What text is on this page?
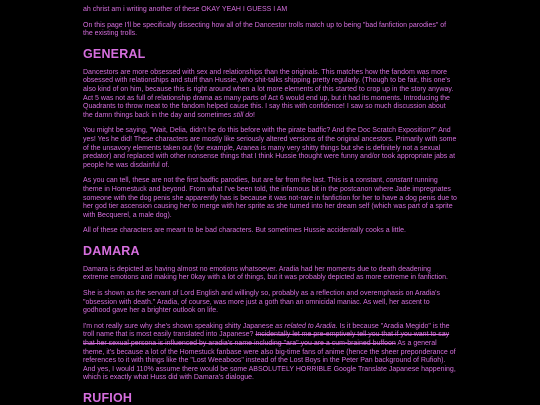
ah christ am i writing another of these OKAY YEAH I GUESS I AM

On this page I'll be specifically dissecting how all of the Dancestor trolls match up to being "bad fanfiction parodies" of the existing trolls.

GENERAL

Dancestors are more obsessed with sex and relationships than the originals. This matches how the fandom was more obsessed with relationships and stuff than Hussie, who shit-talks shipping pretty regularly. (Though to be fair, this one's also kind of on him, because this is right around when a lot more elements of this started to crop up in the story anyway. Act 5 was not as full of relationship drama as many parts of Act 6 would end up, but it had its moments. Introducing the Quadrants to throw meat to the fandom helped cause this. I say this with confidence! I saw so much discussion about the damn things back in the day and sometimes still do!

You might be saying, "Wait, Delia, didn't he do this before with the pirate badfic? And the Doc Scratch Exposition?" And yes! Yes he did! These characters are mostly like seriously altered versions of the original ancestors. Primarily with some of the unsavory elements taken out (for example, Aranea is many very shitty things but she is definitely not a sexual predator) and replaced with other nonsense things that I think Hussie thought were funny and/or took appropriate jabs at people he was disdainful of.

As you can tell, these are not the first badfic parodies, but are far from the last. This is a constant, constant running theme in Homestuck and beyond. From what I've been told, the infamous bit in the postcanon where Jade impregnates someone with the dog penis she apparently has is because it was not-rare in fanfiction for her to have a dog penis due to her god tier ascension causing her to merge with her sprite as she turned into her dream self (which was part of a sprite with Becquerel, a male dog).

All of these characters are meant to be bad characters. But sometimes Hussie accidentally cooks a little.

DAMARA

Damara is depicted as having almost no emotions whatsoever. Aradia had her moments due to death deadening extreme emotions and making her 0kay with a lot of things, but it was probably depicted as more extreme in fanfiction.

She is shown as the servant of Lord English and willingly so, probably as a reflection and overemphasis on Aradia's "obsession with death." Aradia, of course, was more just a goth than an omnicidal maniac. As well, her ascent to godhood gave her a brighter outlook on life.

I'm not really sure why she's shown speaking shitty Japanese as related to Aradia. Is it because "Aradia Megido" is the troll name that is most easily translated into Japanese? Incidentally let me pre-emptively tell you that if you want to say that her sexual persona is influenced by aradia's name including "ara" you are a cum-brained buffoon As a general theme, it's because a lot of the Homestuck fanbase were also big-time fans of anime (hence the sheer preponderance of references to it with things like the "Lost Weeaboos" instead of the Lost Boys in the Peter Pan background of Rufioh). And yes, I would 110% assume there would be some ABSOLUTELY HORRIBLE Google Translate Japanese happening, which is exactly what Huss did with Damara's dialogue.

RUFIOH
